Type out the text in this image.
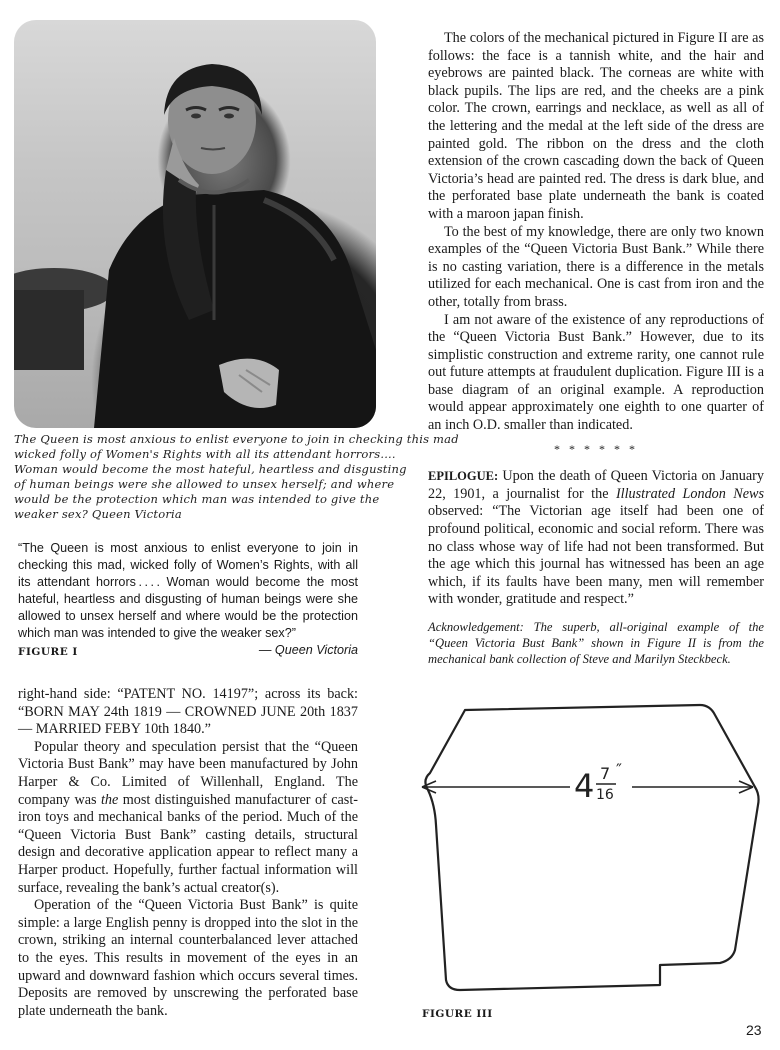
The Queen is most anxious to enlist everyone to join in checking this mad
wicked folly of Women's Rights with all its attendant horrors....
Woman would become the most hateful, heartless and disgusting
of human beings were she allowed to unsex herself; and where
would be the protection which man was intended to give the
weaker sex? Queen Victoria
“The Queen is most anxious to enlist everyone to join in checking this mad, wicked folly of Women’s Rights, with all its attendant horrors . . . . Woman would become the most hateful, heartless and disgusting of human beings were she allowed to unsex herself and where would be the protection which man was intended to give the weaker sex?”
— Queen Victoria
FIGURE I

right-hand side: “PATENT NO. 14197”; across its back: “BORN MAY 24th 1819 — CROWNED JUNE 20th 1837 — MARRIED FEBY 10th 1840.”

Popular theory and speculation persist that the “Queen Victoria Bust Bank” may have been manufactured by John Harper & Co. Limited of Willenhall, England. The company was the most distinguished manufacturer of cast-iron toys and mechanical banks of the period. Much of the “Queen Victoria Bust Bank” casting details, structural design and decorative application appear to reflect many a Harper product. Hopefully, further factual information will surface, revealing the bank’s actual creator(s).

Operation of the “Queen Victoria Bust Bank” is quite simple: a large English penny is dropped into the slot in the crown, striking an internal counterbalanced lever attached to the eyes. This results in movement of the eyes in an upward and downward fashion which occurs several times. Deposits are removed by unscrewing the perforated base plate underneath the bank.

The colors of the mechanical pictured in Figure II are as follows: the face is a tannish white, and the hair and eyebrows are painted black. The corneas are white with black pupils. The lips are red, and the cheeks are a pink color. The crown, earrings and necklace, as well as all of the lettering and the medal at the left side of the dress are painted gold. The ribbon on the dress and the cloth extension of the crown cascading down the back of Queen Victoria’s head are painted red. The dress is dark blue, and the perforated base plate underneath the bank is coated with a maroon japan finish.

To the best of my knowledge, there are only two known examples of the “Queen Victoria Bust Bank.” While there is no casting variation, there is a difference in the metals utilized for each mechanical. One is cast from iron and the other, totally from brass.

I am not aware of the existence of any reproductions of the “Queen Victoria Bust Bank.” However, due to its simplistic construction and extreme rarity, one cannot rule out future attempts at fraudulent duplication. Figure III is a base diagram of an original example. A reproduction would appear approximately one eighth to one quarter of an inch O.D. smaller than indicated.

* * * * * *

EPILOGUE: Upon the death of Queen Victoria on January 22, 1901, a journalist for the Illustrated London News observed: “The Victorian age itself had been one of profound political, economic and social reform. There was no class whose way of life had not been transformed. But the age which this journal has witnessed has been an age which, if its faults have been many, men will remember with wonder, gratitude and respect.”

Acknowledgement: The superb, all-original example of the “Queen Victoria Bust Bank” shown in Figure II is from the mechanical bank collection of Steve and Marilyn Steckbeck.
4 7
16
″
FIGURE III
23
